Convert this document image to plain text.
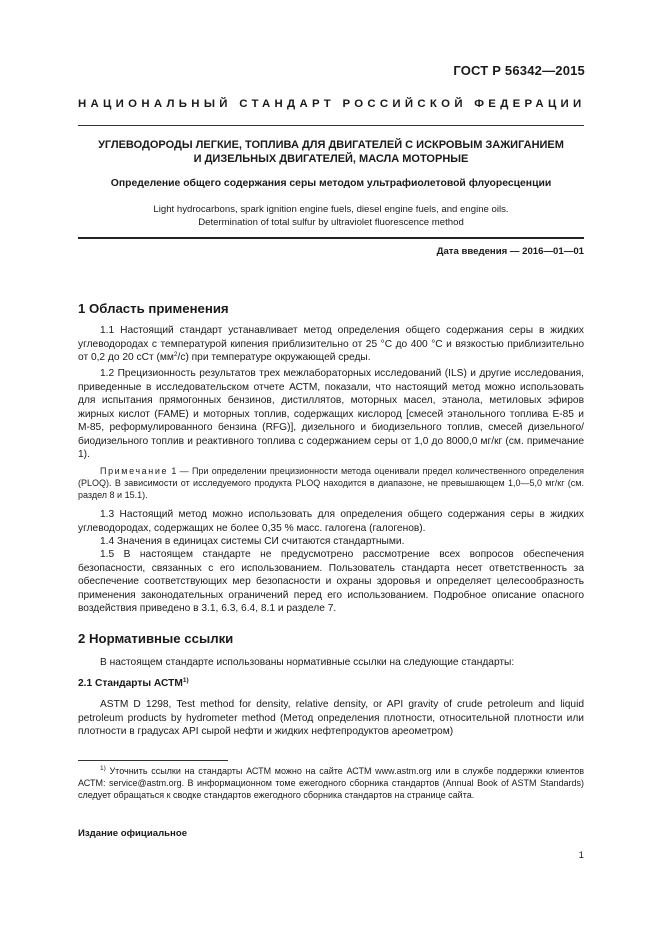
ГОСТ Р 56342—2015
НАЦИОНАЛЬНЫЙ СТАНДАРТ РОССИЙСКОЙ ФЕДЕРАЦИИ
УГЛЕВОДОРОДЫ ЛЕГКИЕ, ТОПЛИВА ДЛЯ ДВИГАТЕЛЕЙ С ИСКРОВЫМ ЗАЖИГАНИЕМ
И ДИЗЕЛЬНЫХ ДВИГАТЕЛЕЙ, МАСЛА МОТОРНЫЕ
Определение общего содержания серы методом ультрафиолетовой флуоресценции
Light hydrocarbons, spark ignition engine fuels, diesel engine fuels, and engine oils.
Determination of total sulfur by ultraviolet fluorescence method
Дата введения — 2016—01—01
1 Область применения
1.1 Настоящий стандарт устанавливает метод определения общего содержания серы в жидких углеводородах с температурой кипения приблизительно от 25 °С до 400 °С и вязкостью приблизительно от 0,2 до 20 сСт $(мм^2/с)$ при температуре окружающей среды.
1.2 Прецизионность результатов трех межлабораторных исследований (ILS) и другие исследования, приведенные в исследовательском отчете АСТМ, показали, что настоящий метод можно использовать для испытания прямогонных бензинов, дистиллятов, моторных масел, этанола, метиловых эфиров жирных кислот (FAME) и моторных топлив, содержащих кислород [смесей этанольного топлива Е-85 и М-85, реформулированного бензина (RFG)], дизельного и биодизельного топлив, смесей дизельного/биодизельного топлив и реактивного топлива с содержанием серы от 1,0 до 8000,0 мг/кг (см. примечание 1).
Примечание 1 — При определении прецизионности метода оценивали предел количественного определения (PLOQ). В зависимости от исследуемого продукта PLOQ находится в диапазоне, не превышающем 1,0—5,0 мг/кг (см. раздел 8 и 15.1).
1.3 Настоящий метод можно использовать для определения общего содержания серы в жидких углеводородах, содержащих не более 0,35 % масс. галогена (галогенов).
1.4 Значения в единицах системы СИ считаются стандартными.
1.5 В настоящем стандарте не предусмотрено рассмотрение всех вопросов обеспечения безопасности, связанных с его использованием. Пользователь стандарта несет ответственность за обеспечение соответствующих мер безопасности и охраны здоровья и определяет целесообразность применения законодательных ограничений перед его использованием. Подробное описание опасного воздействия приведено в 3.1, 6.3, 6.4, 8.1 и разделе 7.
2 Нормативные ссылки
В настоящем стандарте использованы нормативные ссылки на следующие стандарты:
2.1 Стандарты АСТМ$^{1)}$
ASTM D 1298, Test method for density, relative density, or API gravity of crude petroleum and liquid petroleum products by hydrometer method (Метод определения плотности, относительной плотности или плотности в градусах API сырой нефти и жидких нефтепродуктов ареометром)
$^{1)}$ Уточнить ссылки на стандарты АСТМ можно на сайте АСТМ www.astm.org или в службе поддержки клиентов АСТМ: service@astm.org. В информационном томе ежегодного сборника стандартов (Annual Book of ASTM Standards) следует обращаться к сводке стандартов ежегодного сборника стандартов на странице сайта.
Издание официальное
1
